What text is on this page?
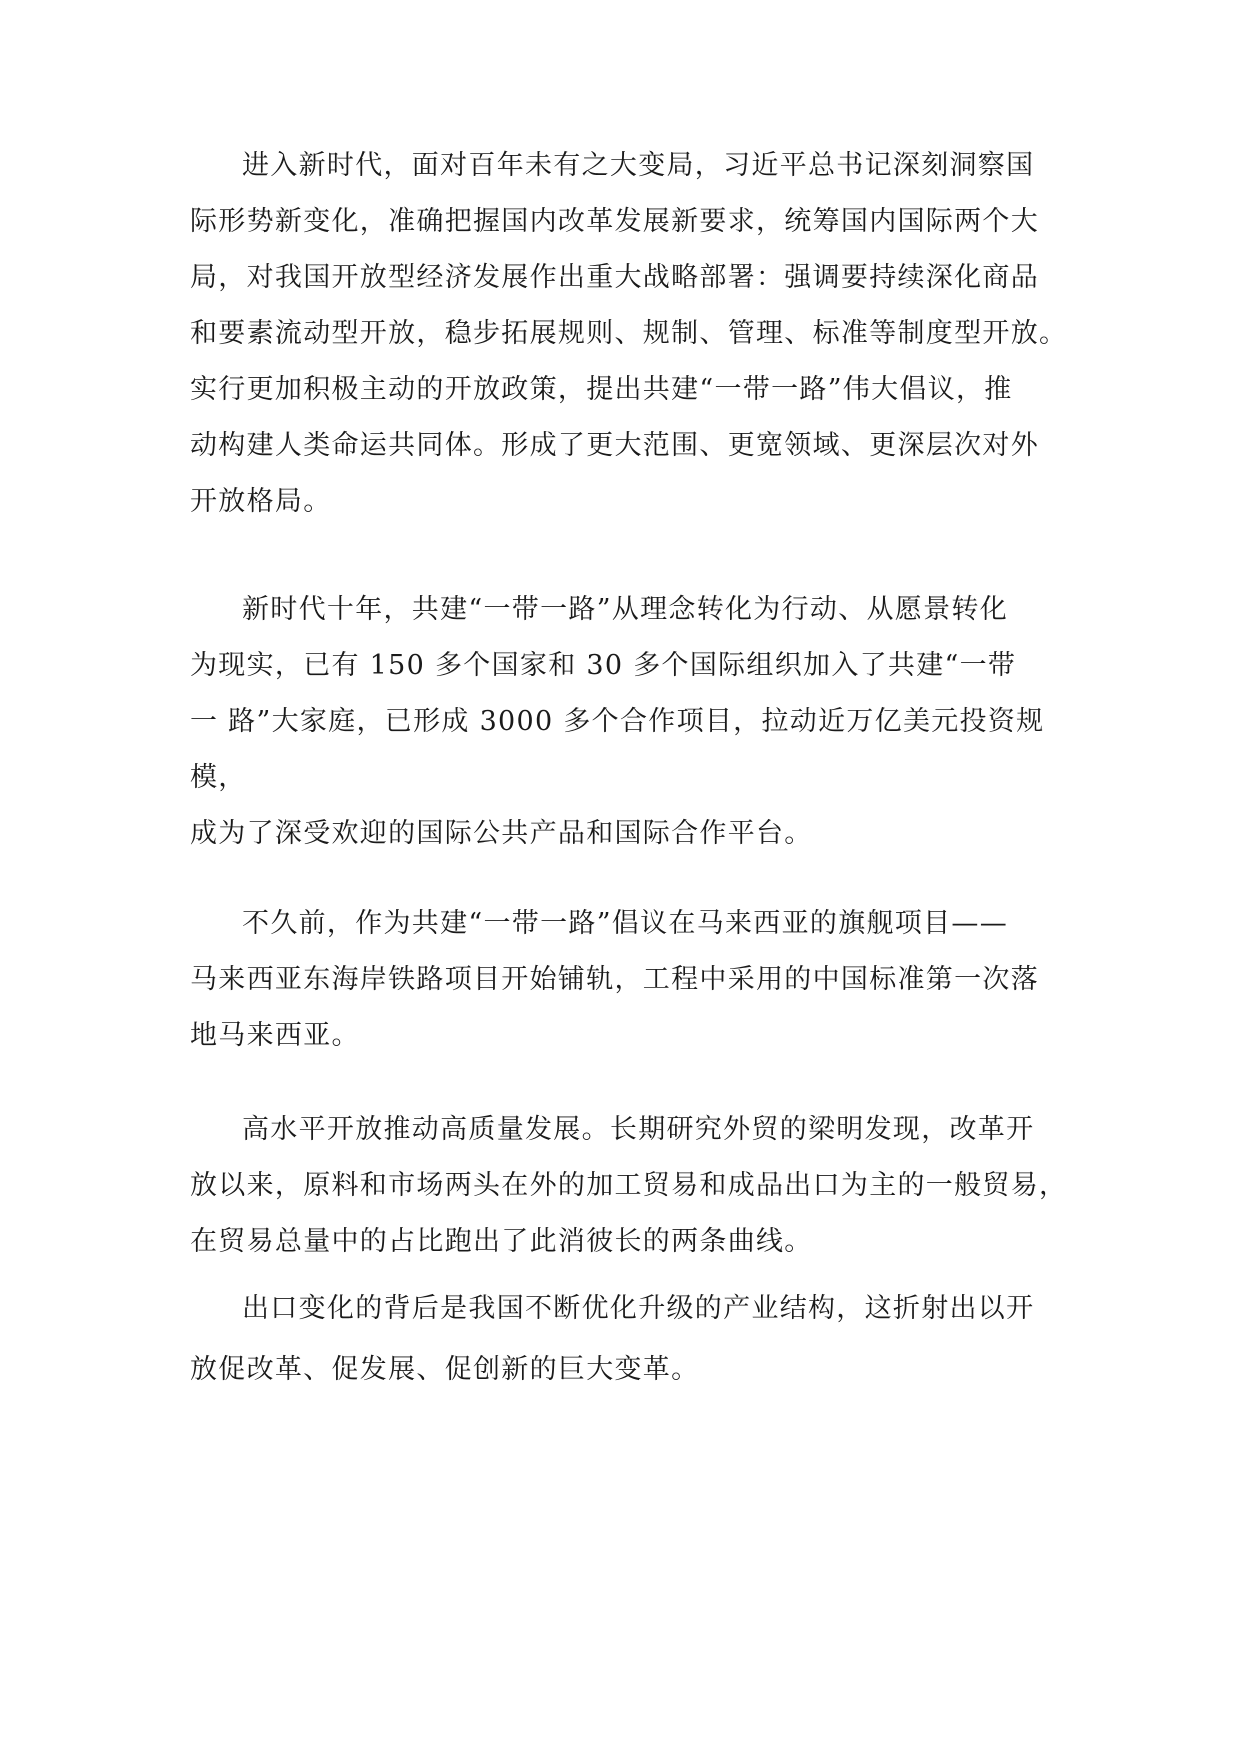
进入新时代，面对百年未有之大变局，习近平总书记深刻洞察国
际形势新变化，准确把握国内改革发展新要求，统筹国内国际两个大
局，对我国开放型经济发展作出重大战略部署：强调要持续深化商品
和要素流动型开放，稳步拓展规则、规制、管理、标准等制度型开放。
实行更加积极主动的开放政策，提出共建“一带一路”伟大倡议，推
动构建人类命运共同体。形成了更大范围、更宽领域、更深层次对外
开放格局。
新时代十年，共建“一带一路”从理念转化为行动、从愿景转化
为现实，已有 150 多个国家和 30 多个国际组织加入了共建“一带
一 路”大家庭，已形成 3000 多个合作项目，拉动近万亿美元投资规
模，
成为了深受欢迎的国际公共产品和国际合作平台。
不久前，作为共建“一带一路”倡议在马来西亚的旗舰项目——
马来西亚东海岸铁路项目开始铺轨，工程中采用的中国标准第一次落
地马来西亚。
高水平开放推动高质量发展。长期研究外贸的梁明发现，改革开
放以来，原料和市场两头在外的加工贸易和成品出口为主的一般贸易，
在贸易总量中的占比跑出了此消彼长的两条曲线。
出口变化的背后是我国不断优化升级的产业结构，这折射出以开
放促改革、促发展、促创新的巨大变革。
